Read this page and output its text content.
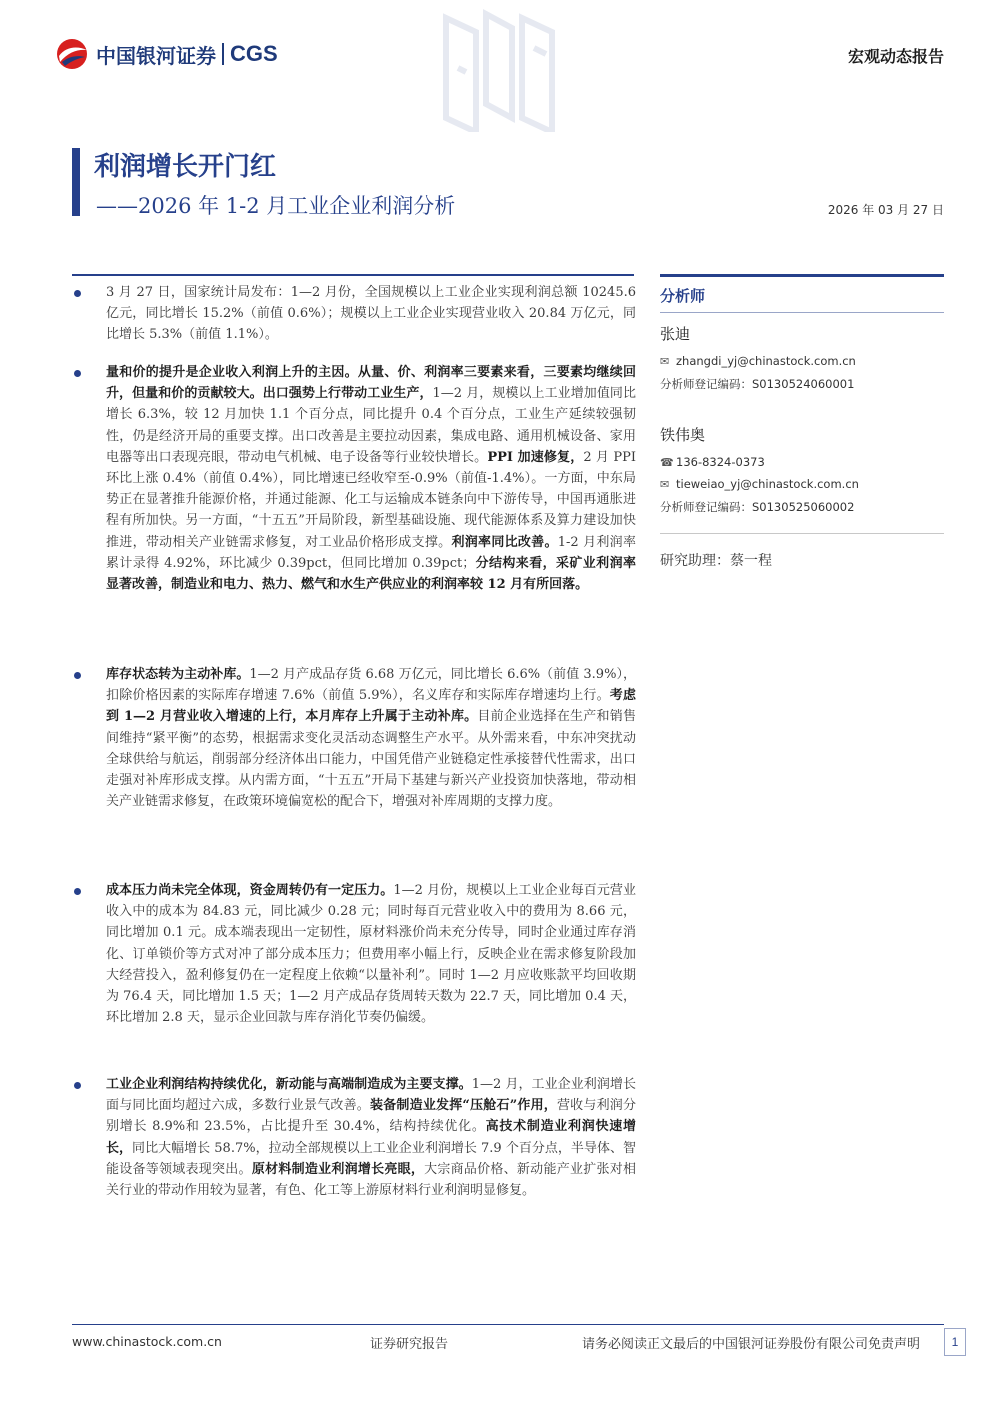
中国银河证券 CGS	宏观动态报告
利润增长开门红
——2026 年 1-2 月工业企业利润分析	2026 年 03 月 27 日
3 月 27 日，国家统计局发布：1—2 月份，全国规模以上工业企业实现利润总额 10245.6 亿元，同比增长 15.2%（前值 0.6%）；规模以上工业企业实现营业收入 20.84 万亿元，同比增长 5.3%（前值 1.1%）。
量和价的提升是企业收入利润上升的主因。从量、价、利润率三要素来看，三要素均继续回升，但量和价的贡献较大。出口强势上行带动工业生产，1—2 月，规模以上工业增加值同比增长 6.3%，较 12 月加快 1.1 个百分点，同比提升 0.4 个百分点，工业生产延续较强韧性，仍是经济开局的重要支撑。出口改善是主要拉动因素，集成电路、通用机械设备、家用电器等出口表现亮眼，带动电气机械、电子设备等行业较快增长。PPI 加速修复，2 月 PPI 环比上涨 0.4%（前值 0.4%），同比增速已经收窄至-0.9%（前值-1.4%）。一方面，中东局势正在显著推升能源价格，并通过能源、化工与运输成本链条向中下游传导，中国再通胀进程有所加快。另一方面，“十五五”开局阶段，新型基础设施、现代能源体系及算力建设加快推进，带动相关产业链需求修复，对工业品价格形成支撑。利润率同比改善。1-2 月利润率累计录得 4.92%，环比减少 0.39pct，但同比增加 0.39pct；分结构来看，采矿业利润率显著改善，制造业和电力、热力、燃气和水生产供应业的利润率较 12 月有所回落。
库存状态转为主动补库。1—2 月产成品存货 6.68 万亿元，同比增长 6.6%（前值 3.9%），扣除价格因素的实际库存增速 7.6%（前值 5.9%），名义库存和实际库存增速均上行。考虑到 1—2 月营业收入增速的上行，本月库存上升属于主动补库。目前企业选择在生产和销售间维持“紧平衡”的态势，根据需求变化灵活动态调整生产水平。从外需来看，中东冲突扰动全球供给与航运，削弱部分经济体出口能力，中国凭借产业链稳定性承接替代性需求，出口走强对补库形成支撑。从内需方面，“十五五”开局下基建与新兴产业投资加快落地，带动相关产业链需求修复，在政策环境偏宽松的配合下，增强对补库周期的支撑力度。
成本压力尚未完全体现，资金周转仍有一定压力。1—2 月份，规模以上工业企业每百元营业收入中的成本为 84.83 元，同比减少 0.28 元；同时每百元营业收入中的费用为 8.66 元，同比增加 0.1 元。成本端表现出一定韧性，原材料涨价尚未充分传导，同时企业通过库存消化、订单锁价等方式对冲了部分成本压力；但费用率小幅上行，反映企业在需求修复阶段加大经营投入，盈利修复仍在一定程度上依赖“以量补利”。同时 1—2 月应收账款平均回收期为 76.4 天，同比增加 1.5 天；1—2 月产成品存货周转天数为 22.7 天，同比增加 0.4 天，环比增加 2.8 天，显示企业回款与库存消化节奏仍偏缓。
工业企业利润结构持续优化，新动能与高端制造成为主要支撑。1—2 月，工业企业利润增长面与同比面均超过六成，多数行业景气改善。装备制造业发挥“压舱石”作用，营收与利润分别增长 8.9%和 23.5%，占比提升至 30.4%，结构持续优化。高技术制造业利润快速增长，同比大幅增长 58.7%，拉动全部规模以上工业企业利润增长 7.9 个百分点，半导体、智能设备等领域表现突出。原材料制造业利润增长亮眼，大宗商品价格、新动能产业扩张对相关行业的带动作用较为显著，有色、化工等上游原材料行业利润明显修复。
分析师
张迪
✉ zhangdi_yj@chinastock.com.cn
分析师登记编码：S0130524060001
铁伟奥
☎ 136-8324-0373
✉ tieweiao_yj@chinastock.com.cn
分析师登记编码：S0130525060002
研究助理：蔡一程
www.chinastock.com.cn	证券研究报告	请务必阅读正文最后的中国银河证券股份有限公司免责声明	1
